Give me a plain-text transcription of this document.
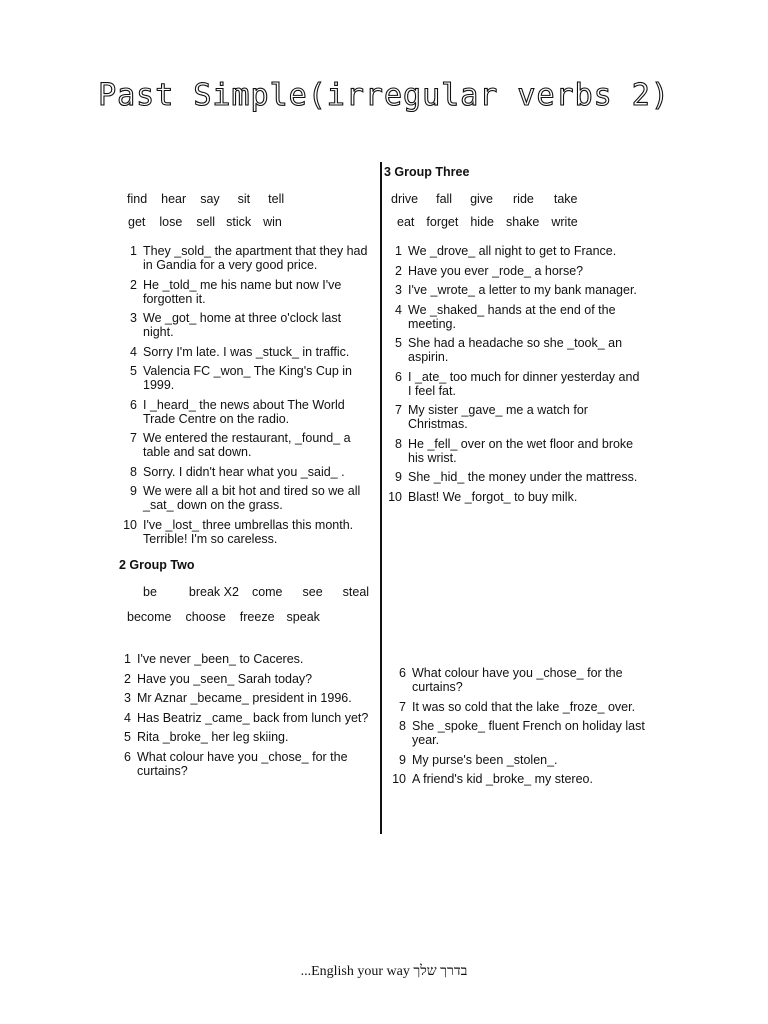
Past Simple(irregular verbs 2)
find hear say sit tell
get lose sell stick win
1 They _sold_ the apartment that they had in Gandia for a very good price.
2 He _told_ me his name but now I've forgotten it.
3 We _got_ home at three o'clock last night.
4 Sorry I'm late. I was _stuck_ in traffic.
5 Valencia FC _won_ The King's Cup in 1999.
6 I _heard_ the news about The World Trade Centre on the radio.
7 We entered the restaurant, _found_ a table and sat down.
8 Sorry. I didn't hear what you _said_ .
9 We were all a bit hot and tired so we all _sat_ down on the grass.
10 I've _lost_ three umbrellas this month. Terrible! I'm so careless.
2 Group Two
be	break X2 come see steal
become choose freeze speak
1 I've never _been_ to Caceres.
2 Have you _seen_ Sarah today?
3 Mr Aznar _became_ president in 1996.
4 Has Beatriz _came_ back from lunch yet?
5 Rita _broke_ her leg skiing.
6 What colour have you _chose_ for the curtains?
3 Group Three
drive fall give ride take
eat forget hide shake write
1 We _drove_ all night to get to France.
2 Have you ever _rode_ a horse?
3 I've _wrote_ a letter to my bank manager.
4 We _shaked_ hands at the end of the meeting.
5 She had a headache so she _took_ an aspirin.
6 I _ate_ too much for dinner yesterday and I feel fat.
7 My sister _gave_ me a watch for Christmas.
8 He _fell_ over on the wet floor and broke his wrist.
9 She _hid_ the money under the mattress.
10 Blast! We _forgot_ to buy milk.
6 What colour have you _chose_ for the curtains?
7 It was so cold that the lake _froze_ over.
8 She _spoke_ fluent French on holiday last year.
9 My purse's been _stolen_.
10 A friend's kid _broke_ my stereo.
...English your way בדרך שלך
